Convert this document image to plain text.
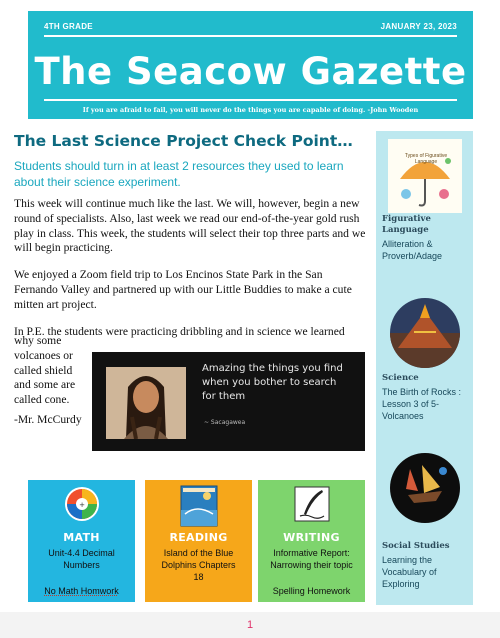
4TH GRADE	JANUARY 23, 2023
The Seacow Gazette
If you are afraid to fail, you will never do the things you are capable of doing. -John Wooden
The Last Science Project Check Point…
Students should turn in at least 2 resources they used to learn about their science experiment.

This week will continue much like the last. We will, however, begin a new round of specialists. Also, last week we read our end-of-the-year gold rush play in class. This week, the students will select their top three parts and we will begin practicing.

We enjoyed a Zoom field trip to Los Encinos State Park in the San Fernando Valley and partnered up with our Little Buddies to make a cute mitten art project.

In P.E. the students were practicing dribbling and in science we learned

why some
volcanoes or
called shield
and some are
called cone.
-Mr. McCurdy
Amazing the things you find when you bother to search for them
~ Sacagawea
+
MATH
Unit-4.4 Decimal
Numbers
No Math Homwork
READING
Island of the Blue
Dolphins Chapters
18
WRITING
Informative Report:
Narrowing their topic
Spelling Homework
Types of Figurative Language
Figurative Language
Alliteration & Proverb/Adage
Science
The Birth of Rocks : Lesson 3 of 5- Volcanoes
Social Studies
Learning the Vocabulary of Exploring
1
